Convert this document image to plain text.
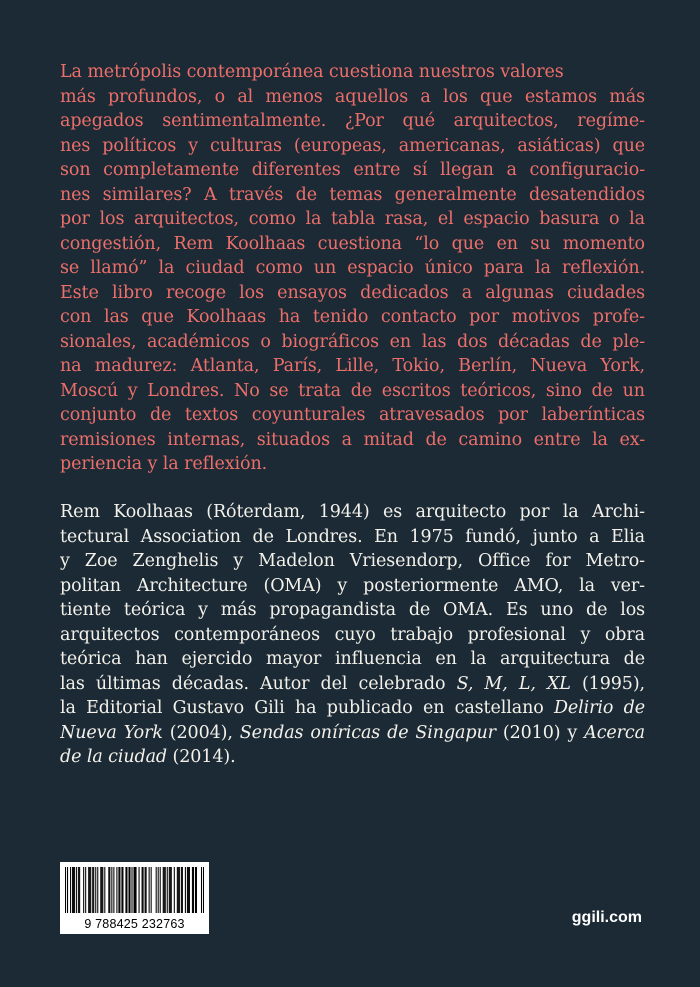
La metrópolis contemporánea cuestiona nuestros valores
más profundos, o al menos aquellos a los que estamos más
apegados sentimentalmente. ¿Por qué arquitectos, regíme-
nes políticos y culturas (europeas, americanas, asiáticas) que
son completamente diferentes entre sí llegan a configuracio-
nes similares? A través de temas generalmente desatendidos
por los arquitectos, como la tabla rasa, el espacio basura o la
congestión, Rem Koolhaas cuestiona “lo que en su momento
se llamó” la ciudad como un espacio único para la reflexión.
Este libro recoge los ensayos dedicados a algunas ciudades
con las que Koolhaas ha tenido contacto por motivos profe-
sionales, académicos o biográficos en las dos décadas de ple-
na madurez: Atlanta, París, Lille, Tokio, Berlín, Nueva York,
Moscú y Londres. No se trata de escritos teóricos, sino de un
conjunto de textos coyunturales atravesados por laberínticas
remisiones internas, situados a mitad de camino entre la ex-
periencia y la reflexión.
Rem Koolhaas (Róterdam, 1944) es arquitecto por la Archi-
tectural Association de Londres. En 1975 fundó, junto a Elia
y Zoe Zenghelis y Madelon Vriesendorp, Office for Metro-
politan Architecture (OMA) y posteriormente AMO, la ver-
tiente teórica y más propagandista de OMA. Es uno de los
arquitectos contemporáneos cuyo trabajo profesional y obra
teórica han ejercido mayor influencia en la arquitectura de
las últimas décadas. Autor del celebrado S, M, L, XL (1995),
la Editorial Gustavo Gili ha publicado en castellano Delirio de
Nueva York (2004), Sendas oníricas de Singapur (2010) y Acerca
de la ciudad (2014).
9 788425 232763	ggili.com
